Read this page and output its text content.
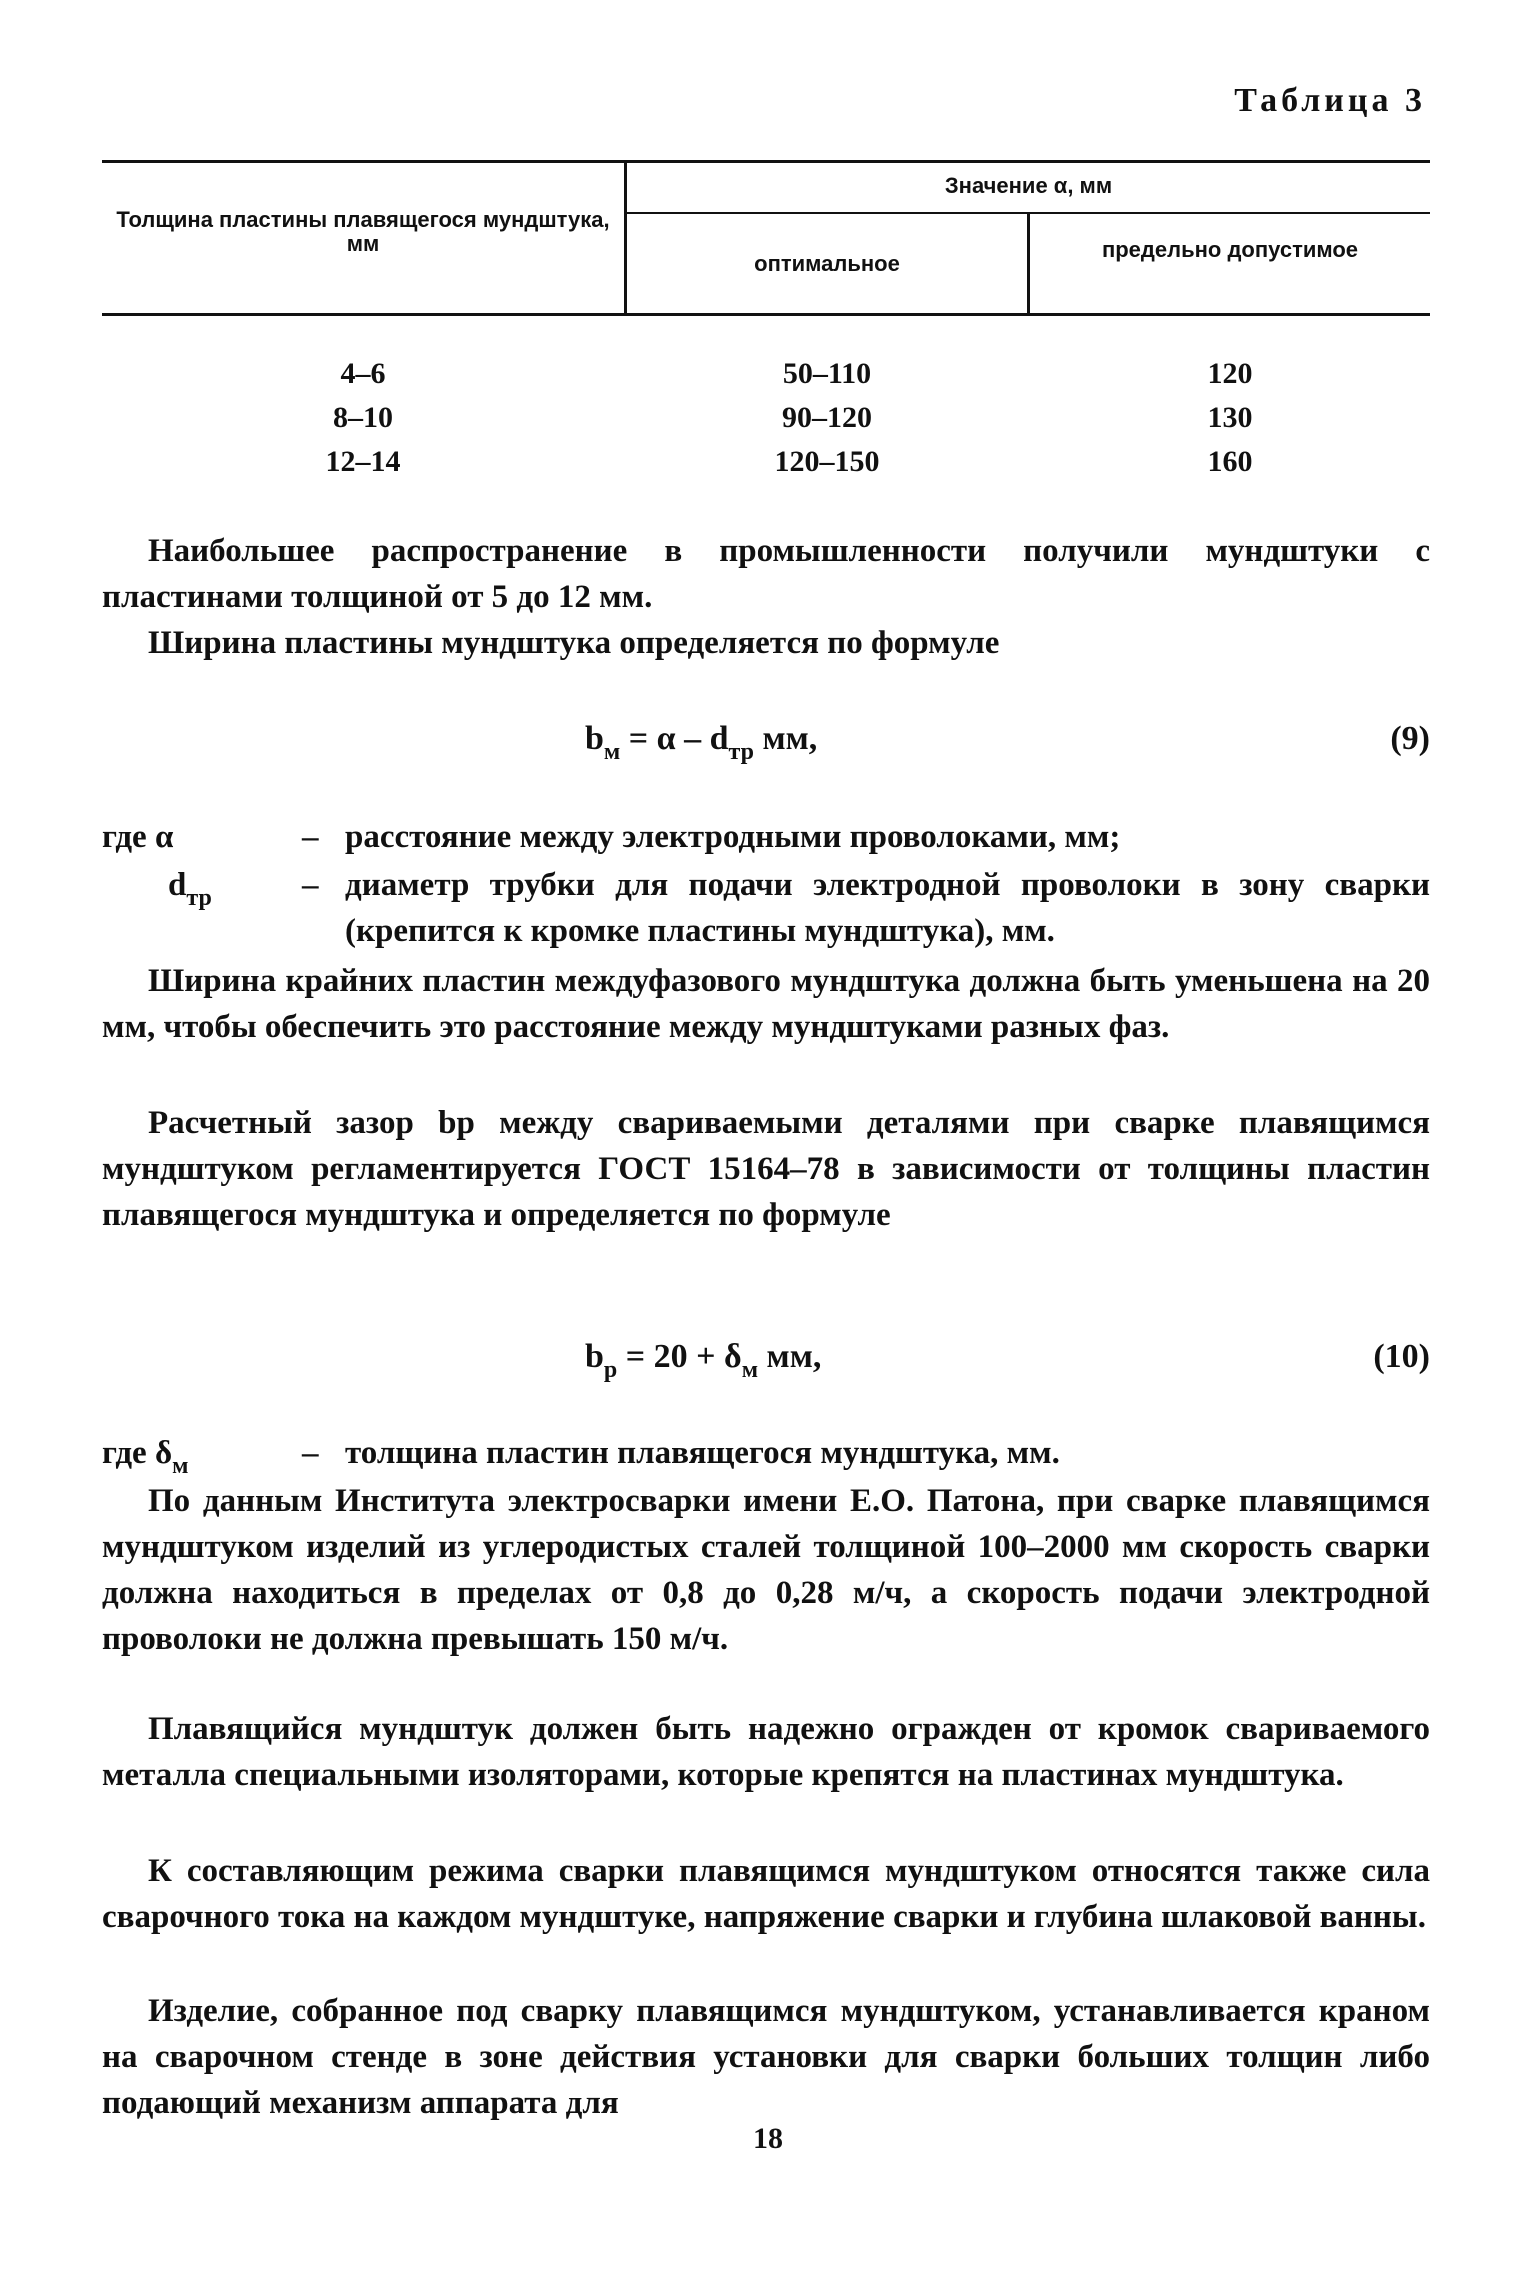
Таблица 3
Толщина пластины плавящегося мундштука, мм
Значение α, мм
оптимальное
предельно допустимое
4–6	50–110	120
8–10	90–120	130
12–14	120–150	160
Наибольшее распространение в промышленности получили мундштуки с пластинами толщиной от 5 до 12 мм.
Ширина пластины мундштука определяется по формуле
$b_м = \alpha - d_{тр}$ мм,	(9)
где α	– расстояние между электродными проволоками, мм;
$d_{тр}$	– диаметр трубки для подачи электродной проволоки в зону сварки (крепится к кромке пластины мундштука), мм.
Ширина крайних пластин междуфазового мундштука должна быть уменьшена на 20 мм, чтобы обеспечить это расстояние между мундштуками разных фаз.
Расчетный зазор bр между свариваемыми деталями при сварке плавящимся мундштуком регламентируется ГОСТ 15164–78 в зависимости от толщины пластин плавящегося мундштука и определяется по формуле
$b_р = 20 + \delta_м$ мм,	(10)
где $\delta_м$	– толщина пластин плавящегося мундштука, мм.
По данным Института электросварки имени Е.О. Патона, при сварке плавящимся мундштуком изделий из углеродистых сталей толщиной 100–2000 мм скорость сварки должна находиться в пределах от 0,8 до 0,28 м/ч, а скорость подачи электродной проволоки не должна превышать 150 м/ч.
Плавящийся мундштук должен быть надежно огражден от кромок свариваемого металла специальными изоляторами, которые крепятся на пластинах мундштука.
К составляющим режима сварки плавящимся мундштуком относятся также сила сварочного тока на каждом мундштуке, напряжение сварки и глубина шлаковой ванны.
Изделие, собранное под сварку плавящимся мундштуком, устанавливается краном на сварочном стенде в зоне действия установки для сварки больших толщин либо подающий механизм аппарата для
18
